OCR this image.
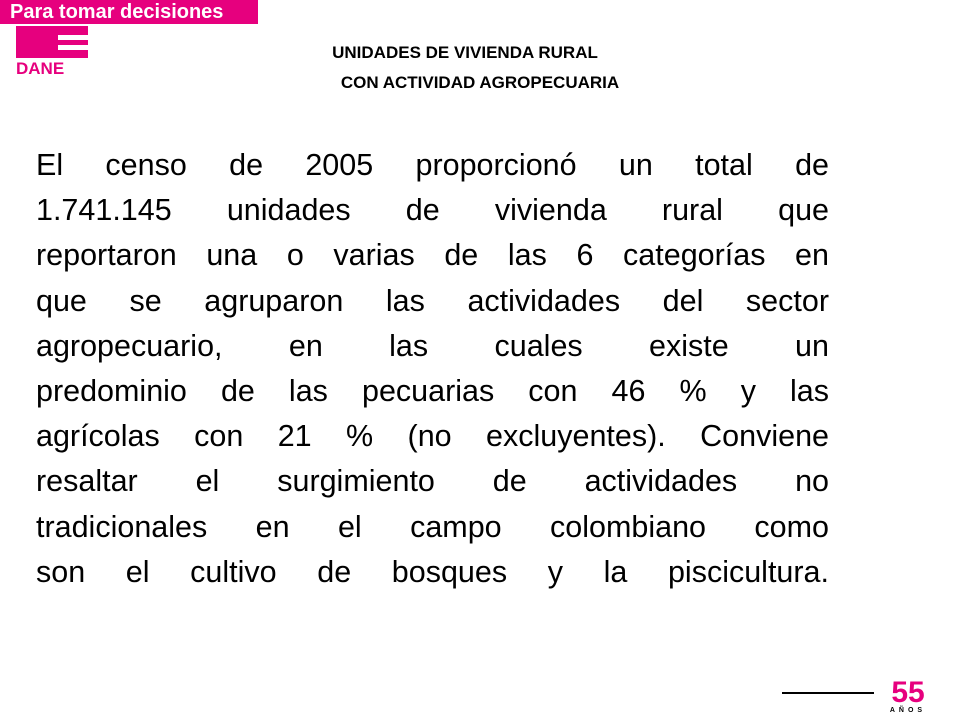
Para tomar decisiones
DANE
UNIDADES DE VIVIENDA RURAL
CON ACTIVIDAD AGROPECUARIA
El censo de 2005 proporcionó un total de
1.741.145 unidades de vivienda rural que
reportaron una o varias de las 6 categorías en
que se agruparon las actividades del sector
agropecuario, en las cuales existe un
predominio de las pecuarias con 46 % y las
agrícolas con 21 % (no excluyentes). Conviene
resaltar el surgimiento de actividades no
tradicionales en el campo colombiano como
son el cultivo de bosques y la piscicultura.
55
AÑOS
